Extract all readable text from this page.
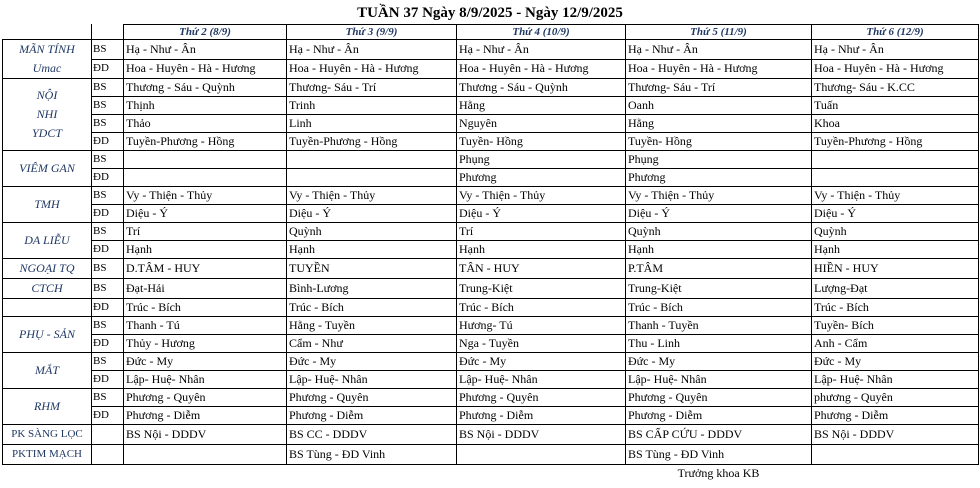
TUẦN 37 Ngày 8/9/2025 - Ngày 12/9/2025
		Thứ 2 (8/9)	Thứ 3 (9/9)	Thứ 4 (10/9)	Thứ 5 (11/9)	Thứ 6 (12/9)

MÃN TÍNH
Umac	BS	Hạ - Như - Ân	Hạ - Như - Ân	Hạ - Như - Ân	Hạ - Như - Ân	Hạ - Như - Ân
	ĐD	Hoa - Huyên - Hà - Hương	Hoa - Huyên - Hà - Hương	Hoa - Huyên - Hà - Hương	Hoa - Huyên - Hà - Hương	Hoa - Huyên - Hà - Hương

NỘI
NHI
YDCT	BS	Thương - Sáu - Quỳnh	Thương- Sáu - Trí	Thương - Sáu - Quỳnh	Thương- Sáu - Trí	Thương- Sáu - K.CC
	BS	Thịnh	Trinh	Hằng	Oanh	Tuấn
	BS	Thảo	Linh	Nguyên	Hằng	Khoa
	ĐD	Tuyền-Phương - Hồng	Tuyền-Phương - Hồng	Tuyền- Hồng	Tuyền- Hồng	Tuyền-Phương - Hồng

VIÊM GAN	BS			Phụng	Phụng	
	ĐD			Phương	Phương	

TMH	BS	Vy - Thiện - Thủy	Vy - Thiện - Thủy	Vy - Thiện - Thủy	Vy - Thiện - Thủy	Vy - Thiện - Thủy
	ĐD	Diệu - Ý	Diệu - Ý	Diệu - Ý	Diệu - Ý	Diệu - Ý

DA LIỄU	BS	Trí	Quỳnh	Trí	Quỳnh	Quỳnh
	ĐD	Hạnh	Hạnh	Hạnh	Hạnh	Hạnh

NGOẠI TQ	BS	D.TÂM - HUY	TUYỀN	TÂN - HUY	P.TÂM	HIỀN - HUY

CTCH	BS	Đạt-Hải	Bình-Lương	Trung-Kiệt	Trung-Kiệt	Lượng-Đạt

	ĐD	Trúc - Bích	Trúc - Bích	Trúc - Bích	Trúc - Bích	Trúc - Bích

PHỤ - SẢN	BS	Thanh - Tú	Hằng - Tuyền	Hương- Tú	Thanh - Tuyền	Tuyền- Bích
	ĐD	Thủy - Hương	Cẩm - Như	Nga - Tuyền	Thu - Linh	Anh - Cẩm

MẮT	BS	Đức - My	Đức - My	Đức - My	Đức - My	Đức - My
	ĐD	Lập- Huệ- Nhân	Lập- Huệ- Nhân	Lập- Huệ- Nhân	Lập- Huệ- Nhân	Lập- Huệ- Nhân

RHM	BS	Phương - Quyên	Phương - Quyên	Phương - Quyên	Phương - Quyên	phương - Quyên
	ĐD	Phương - Diễm	Phương - Diễm	Phương - Diễm	Phương - Diễm	Phương - Diễm

PK SÀNG LỌC		BS Nội - DDDV	BS CC - DDDV	BS Nội - DDDV	BS CẤP CỨU - DDDV	BS Nội - DDDV

PKTIM MẠCH			BS Tùng - ĐD Vinh		BS Tùng - ĐD Vinh	
					Trưởng khoa KB	
